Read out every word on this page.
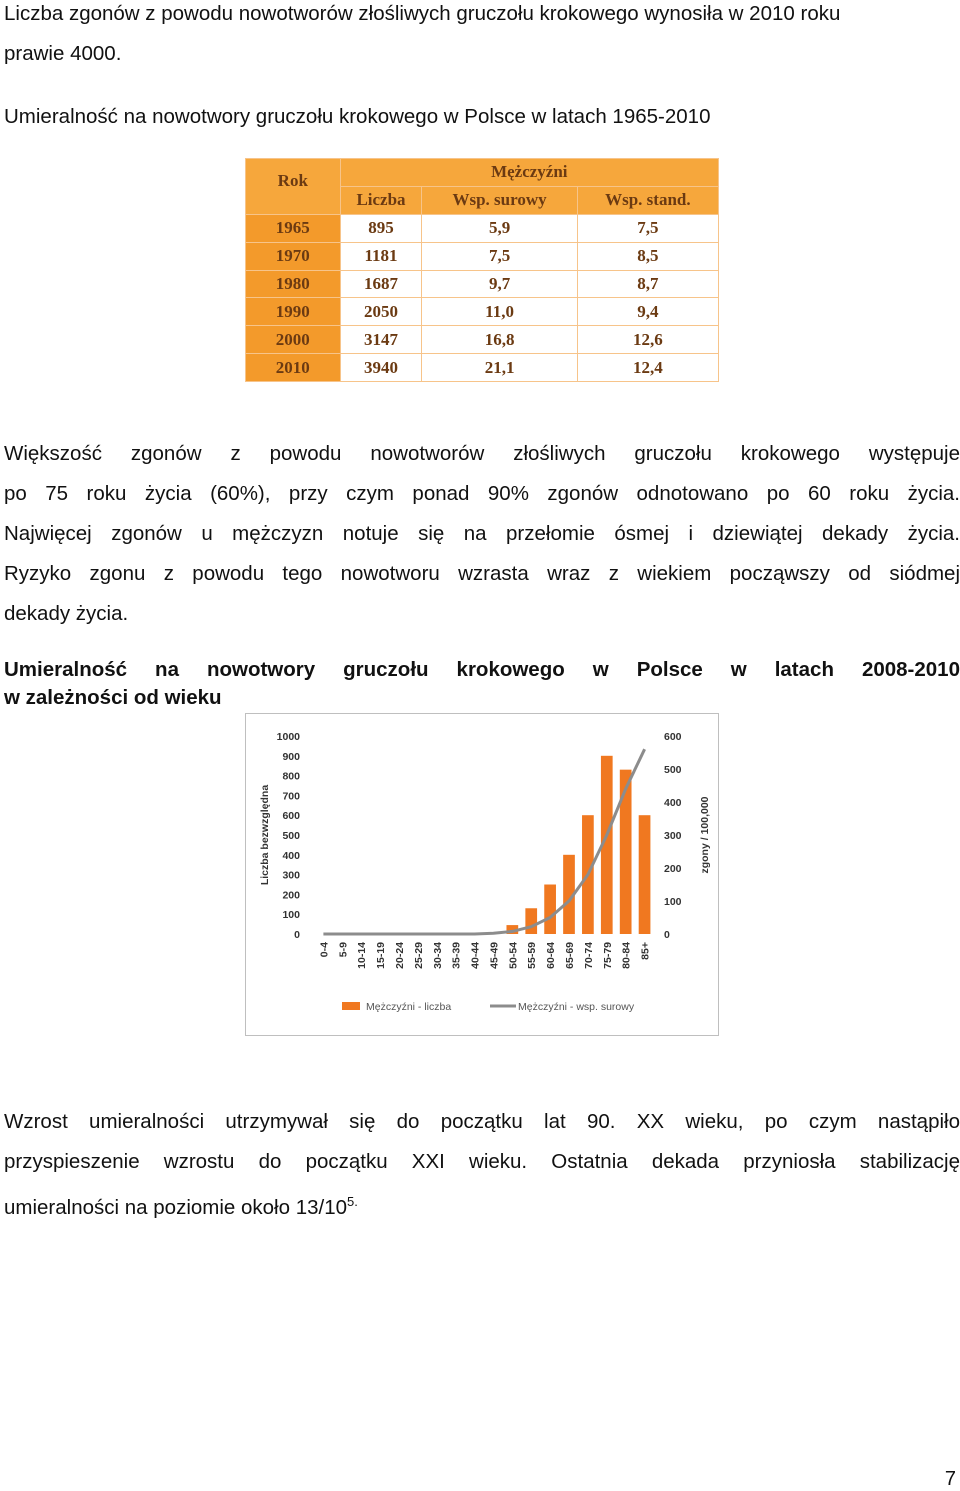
Liczba zgonów z powodu nowotworów złośliwych gruczołu krokowego wynosiła w 2010 roku
prawie 4000.
Umieralność na nowotwory gruczołu krokowego w Polsce w latach 1965-2010
Rok	Mężczyźni		
	Liczba	Wsp. surowy	Wsp. stand.
1965	895	5,9	7,5
1970	1181	7,5	8,5
1980	1687	9,7	8,7
1990	2050	11,0	9,4
2000	3147	16,8	12,6
2010	3940	21,1	12,4
Większość zgonów z powodu nowotworów złośliwych gruczołu krokowego występuje
po 75 roku życia (60%), przy czym ponad 90% zgonów odnotowano po 60 roku życia.
Najwięcej zgonów u mężczyzn notuje się na przełomie ósmej i dziewiątej dekady życia.
Ryzyko zgonu z powodu tego nowotworu wzrasta wraz z wiekiem począwszy od siódmej
dekady życia.
Umieralność na nowotwory gruczołu krokowego w Polsce w latach 2008-2010
w zależności od wieku
0
100
200
300
400
500
600
700
800
900
1000
0
100
200
300
400
500
600
Liczba bezwzględna	zgony / 100,000
0-4 5-9 10-14 15-19 20-24 25-29 30-34 35-39 40-44 45-49 50-54 55-59 60-64 65-69 70-74 75-79 80-84 85+
Mężczyźni - liczba	Mężczyźni - wsp. surowy
Wzrost umieralności utrzymywał się do początku lat 90. XX wieku, po czym nastąpiło
przyspieszenie wzrostu do początku XXI wieku. Ostatnia dekada przyniosła stabilizację
umieralności na poziomie około $13/10^{5.}$
7
